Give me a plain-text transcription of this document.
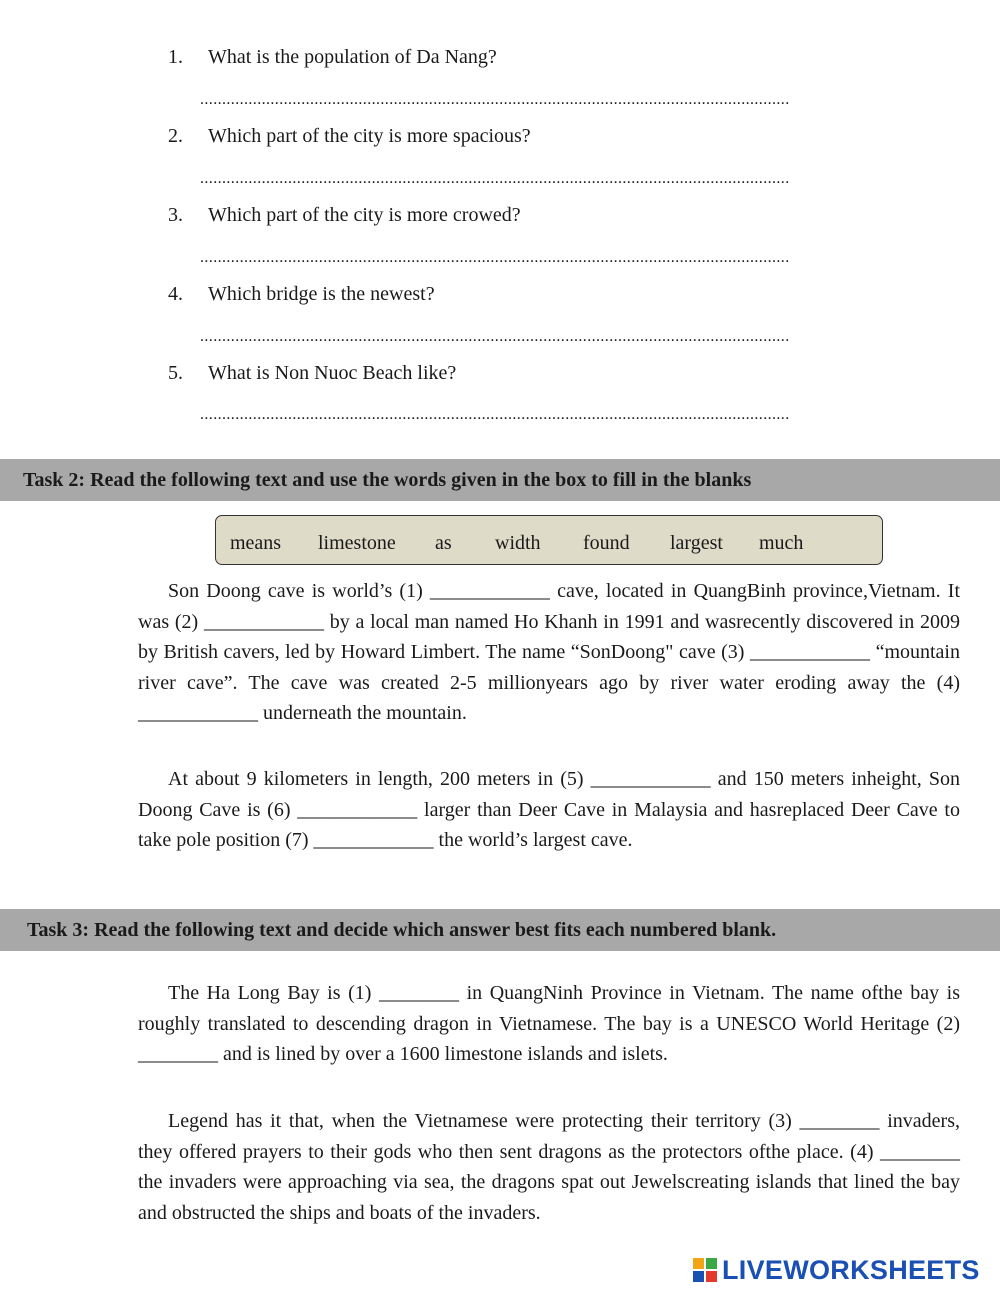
1. What is the population of Da Nang?
......................................................................................................................................
2. Which part of the city is more spacious?
......................................................................................................................................
3. Which part of the city is more crowed?
......................................................................................................................................
4. Which bridge is the newest?
......................................................................................................................................
5. What is Non Nuoc Beach like?
......................................................................................................................................
Task 2: Read the following text and use the words given in the box to fill in the blanks
means limestone as width found largest much

Son Doong cave is world’s (1) ____________ cave, located in QuangBinh province,Vietnam. It was (2) ____________ by a local man named Ho Khanh in 1991 and wasrecently discovered in 2009 by British cavers, led by Howard Limbert. The name “SonDoong" cave (3) ____________ “mountain river cave”. The cave was created 2-5 millionyears ago by river water eroding away the (4) ____________ underneath the mountain.

At about 9 kilometers in length, 200 meters in (5) ____________ and 150 meters inheight, Son Doong Cave is (6) ____________ larger than Deer Cave in Malaysia and hasreplaced Deer Cave to take pole position (7) ____________ the world’s largest cave.

Task 3: Read the following text and decide which answer best fits each numbered blank.

The Ha Long Bay is (1) ________ in QuangNinh Province in Vietnam. The name ofthe bay is roughly translated to descending dragon in Vietnamese. The bay is a UNESCO World Heritage (2) ________ and is lined by over a 1600 limestone islands and islets.

Legend has it that, when the Vietnamese were protecting their territory (3) ________ invaders, they offered prayers to their gods who then sent dragons as the protectors ofthe place. (4) ________ the invaders were approaching via sea, the dragons spat out Jewelscreating islands that lined the bay and obstructed the ships and boats of the invaders.

LIVEWORKSHEETS
